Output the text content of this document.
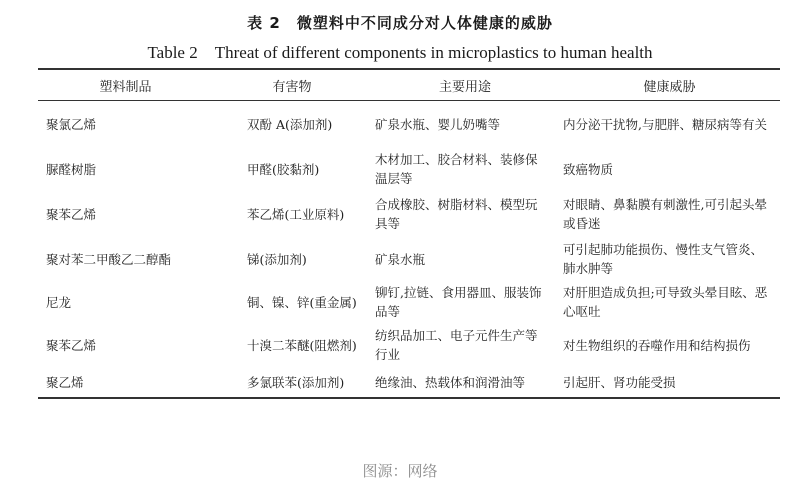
表 2　微塑料中不同成分对人体健康的威胁
Table 2　Threat of different components in microplastics to human health
塑料制品	有害物	主要用途	健康威胁
聚氯乙烯	双酚 A(添加剂)	矿泉水瓶、婴儿奶嘴等	内分泌干扰物,与肥胖、糖尿病等有关
脲醛树脂	甲醛(胶黏剂)	木材加工、胶合材料、装修保温层等	致癌物质
聚苯乙烯	苯乙烯(工业原料)	合成橡胶、树脂材料、模型玩具等	对眼睛、鼻黏膜有刺激性,可引起头晕或昏迷
聚对苯二甲酸乙二醇酯	锑(添加剂)	矿泉水瓶	可引起肺功能损伤、慢性支气管炎、肺水肿等
尼龙	铜、镍、锌(重金属)	铆钉,拉链、食用器皿、服装饰品等	对肝胆造成负担;可导致头晕目眩、恶心呕吐
聚苯乙烯	十溴二苯醚(阻燃剂)	纺织品加工、电子元件生产等行业	对生物组织的吞噬作用和结构损伤
聚乙烯	多氯联苯(添加剂)	绝缘油、热载体和润滑油等	引起肝、肾功能受损
图源：网络
